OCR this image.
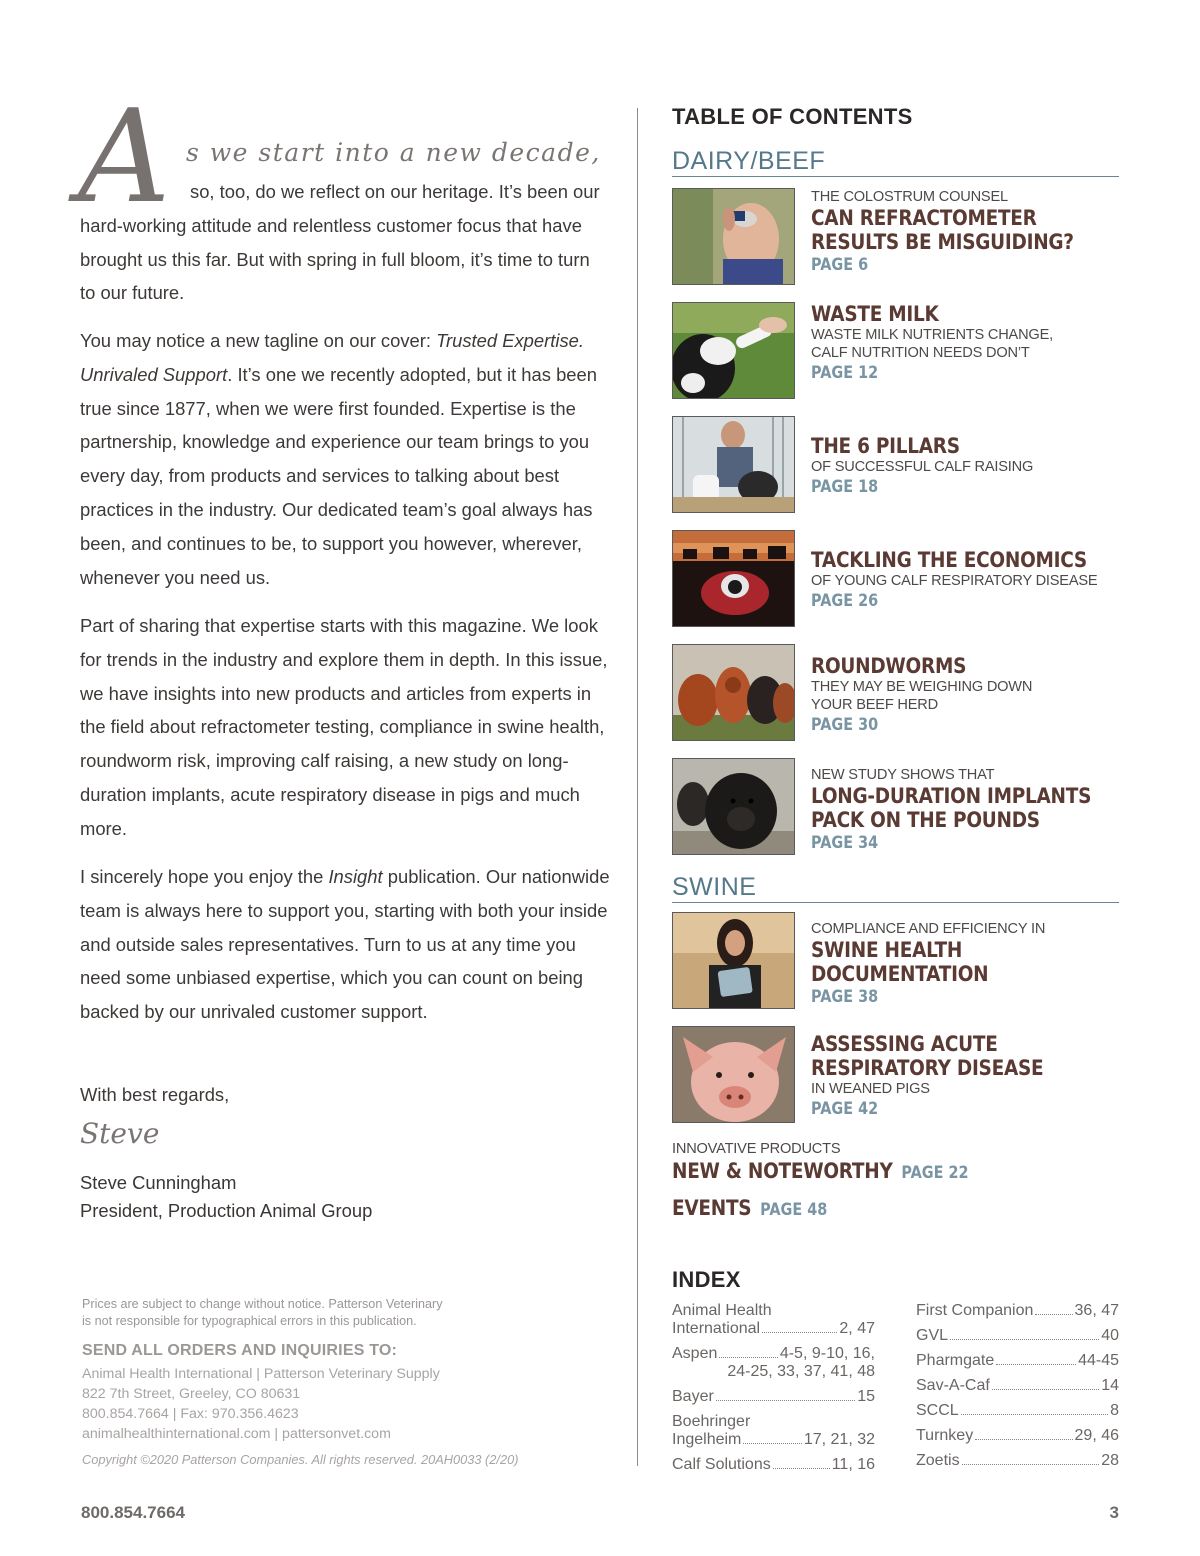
A s we start into a new decade,

so, too, do we reflect on our heritage. It’s been our hard-working attitude and relentless customer focus that have brought us this far. But with spring in full bloom, it’s time to turn to our future.

You may notice a new tagline on our cover: Trusted Expertise. Unrivaled Support. It’s one we recently adopted, but it has been true since 1877, when we were first founded. Expertise is the partnership, knowledge and experience our team brings to you every day, from products and services to talking about best practices in the industry. Our dedicated team’s goal always has been, and continues to be, to support you however, wherever, whenever you need us.

Part of sharing that expertise starts with this magazine. We look for trends in the industry and explore them in depth. In this issue, we have insights into new products and articles from experts in the field about refractometer testing, compliance in swine health, roundworm risk, improving calf raising, a new study on long-duration implants, acute respiratory disease in pigs and much more.

I sincerely hope you enjoy the Insight publication. Our nationwide team is always here to support you, starting with both your inside and outside sales representatives. Turn to us at any time you need some unbiased expertise, which you can count on being backed by our unrivaled customer support.

With best regards,

Steve
Steve Cunningham
President, Production Animal Group
Prices are subject to change without notice. Patterson Veterinary
is not responsible for typographical errors in this publication.
SEND ALL ORDERS AND INQUIRIES TO:
Animal Health International | Patterson Veterinary Supply
822 7th Street, Greeley, CO 80631
800.854.7664 | Fax: 970.356.4623
animalhealthinternational.com | pattersonvet.com
Copyright ©2020 Patterson Companies. All rights reserved. 20AH0033 (2/20)
TABLE OF CONTENTS
DAIRY/BEEF
THE COLOSTRUM COUNSEL
CAN REFRACTOMETER
RESULTS BE MISGUIDING?
PAGE 6
WASTE MILK
WASTE MILK NUTRIENTS CHANGE,
CALF NUTRITION NEEDS DON’T
PAGE 12
THE 6 PILLARS
OF SUCCESSFUL CALF RAISING
PAGE 18
TACKLING THE ECONOMICS
OF YOUNG CALF RESPIRATORY DISEASE
PAGE 26
ROUNDWORMS
THEY MAY BE WEIGHING DOWN
YOUR BEEF HERD
PAGE 30
NEW STUDY SHOWS THAT
LONG-DURATION IMPLANTS
PACK ON THE POUNDS
PAGE 34
SWINE
COMPLIANCE AND EFFICIENCY IN
SWINE HEALTH
DOCUMENTATION
PAGE 38
ASSESSING ACUTE
RESPIRATORY DISEASE
IN WEANED PIGS
PAGE 42
INNOVATIVE PRODUCTS
NEW & NOTEWORTHY PAGE 22
EVENTS PAGE 48
INDEX
Animal Health
International	2, 47
Aspen	4-5, 9-10, 16,
24-25, 33, 37, 41, 48
Bayer	15
Boehringer
Ingelheim	17, 21, 32
Calf Solutions	11, 16
First Companion	36, 47
GVL	40
Pharmgate	44-45
Sav-A-Caf	14
SCCL	8
Turnkey	29, 46
Zoetis	28
800.854.7664	3
